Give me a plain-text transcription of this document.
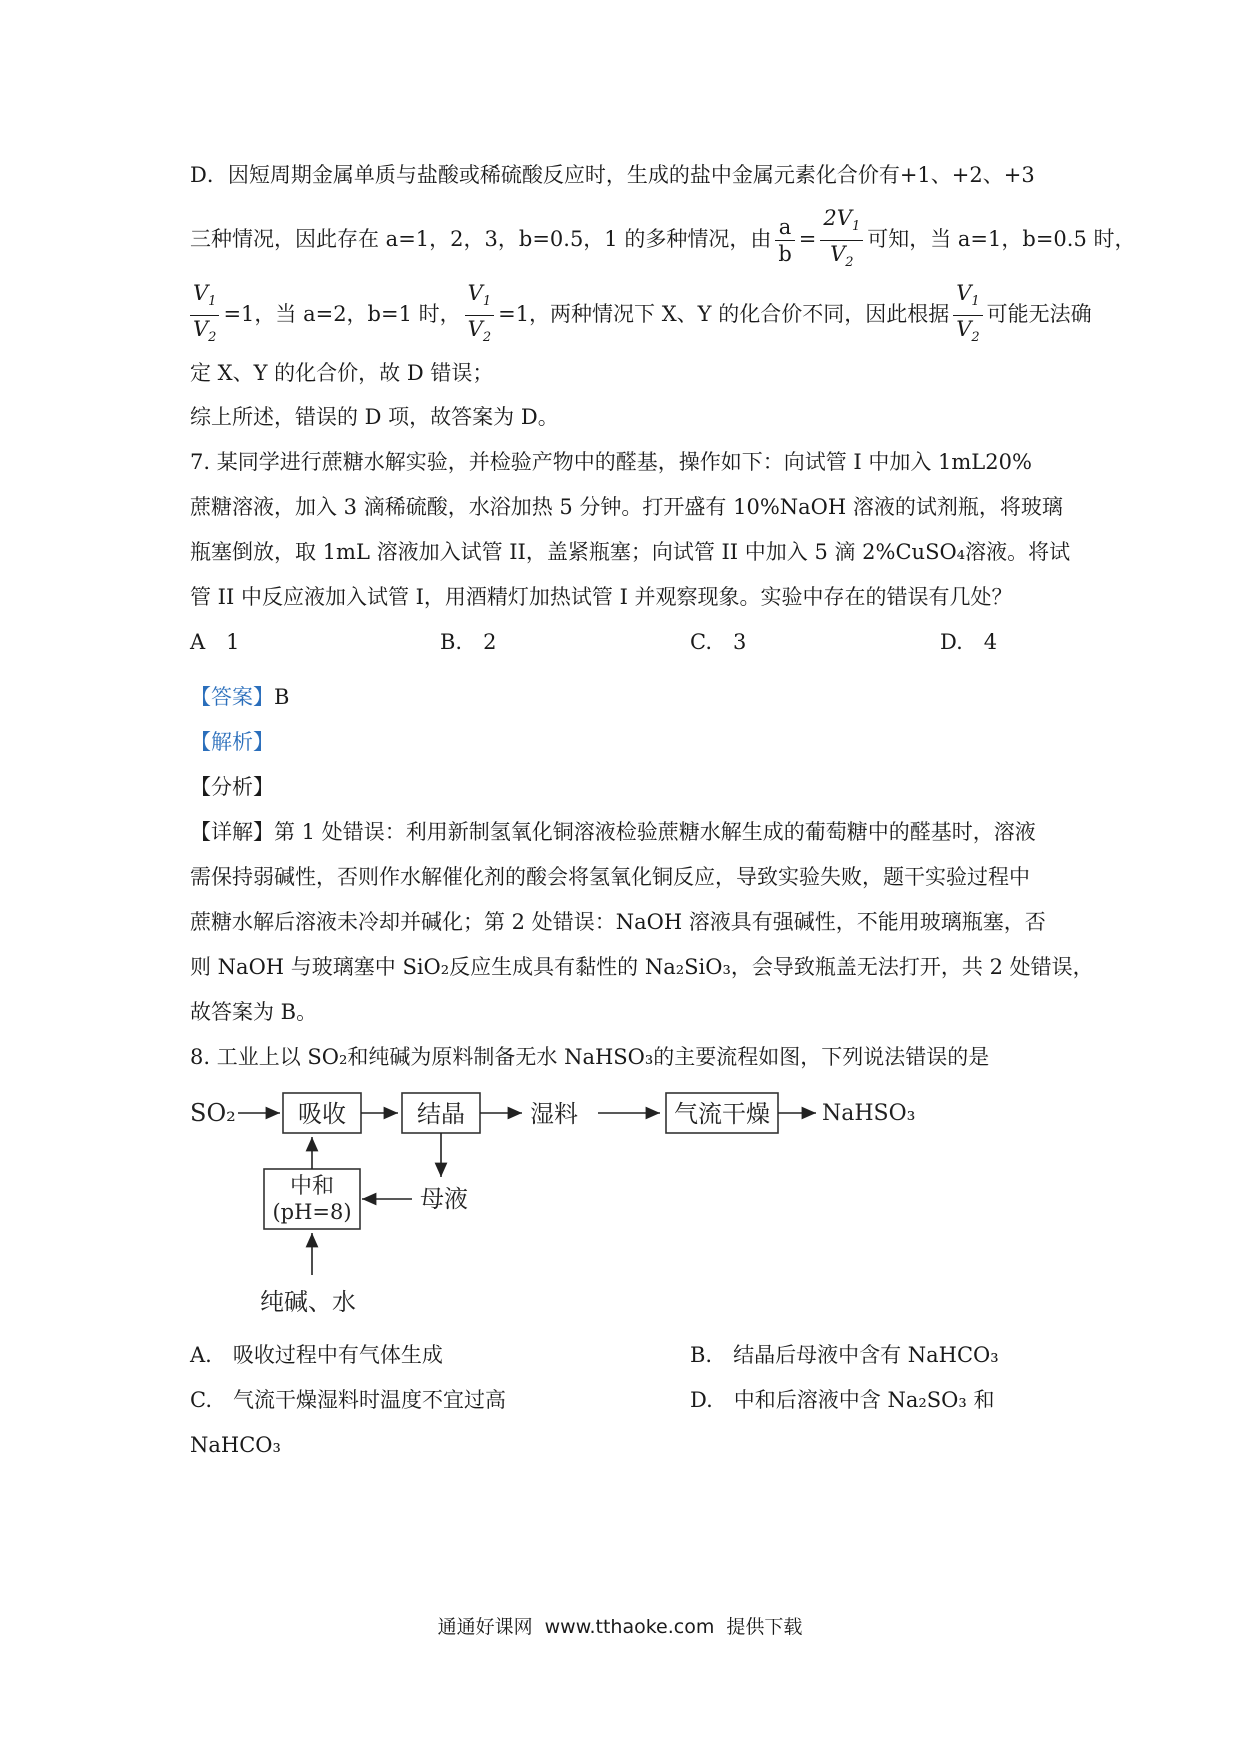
D．因短周期金属单质与盐酸或稀硫酸反应时，生成的盐中金属元素化合价有+1、+2、+3
三种情况，因此存在 a=1，2，3，b=0.5，1 的多种情况，由 $\frac{a}{b} = \frac{2V_1}{V_2}$ 可知，当 a=1，b=0.5 时，
$\frac{V_1}{V_2} =1$，当 a=2，b=1 时， $\frac{V_1}{V_2} =1$，两种情况下 X、Y 的化合价不同，因此根据 $\frac{V_1}{V_2}$ 可能无法确
定 X、Y 的化合价，故 D 错误；
综上所述，错误的 D 项，故答案为 D。
7. 某同学进行蔗糖水解实验，并检验产物中的醛基，操作如下：向试管 I 中加入 1mL20%
蔗糖溶液，加入 3 滴稀硫酸，水浴加热 5 分钟。打开盛有 10%NaOH 溶液的试剂瓶，将玻璃
瓶塞倒放，取 1mL 溶液加入试管 II，盖紧瓶塞；向试管 II 中加入 5 滴 2%CuSO₄溶液。将试
管 II 中反应液加入试管 I，用酒精灯加热试管 I 并观察现象。实验中存在的错误有几处？
A　1	B.　2	C.　3	D.　4
【答案】B
【解析】
【分析】
【详解】第 1 处错误：利用新制氢氧化铜溶液检验蔗糖水解生成的葡萄糖中的醛基时，溶液
需保持弱碱性，否则作水解催化剂的酸会将氢氧化铜反应，导致实验失败，题干实验过程中
蔗糖水解后溶液未冷却并碱化；第 2 处错误：NaOH 溶液具有强碱性，不能用玻璃瓶塞，否
则 NaOH 与玻璃塞中 SiO₂反应生成具有黏性的 Na₂SiO₃，会导致瓶盖无法打开，共 2 处错误，
故答案为 B。
8. 工业上以 SO₂和纯碱为原料制备无水 NaHSO₃的主要流程如图，下列说法错误的是
SO₂	吸收	结晶	湿料	气流干燥 NaHSO₃
母液
中和
(pH=8)
纯碱、水
A.　吸收过程中有气体生成	B.　结晶后母液中含有 NaHCO₃
C.　气流干燥湿料时温度不宜过高	D.　中和后溶液中含 Na₂SO₃ 和
NaHCO₃
通通好课网 www.tthaoke.com 提供下载
